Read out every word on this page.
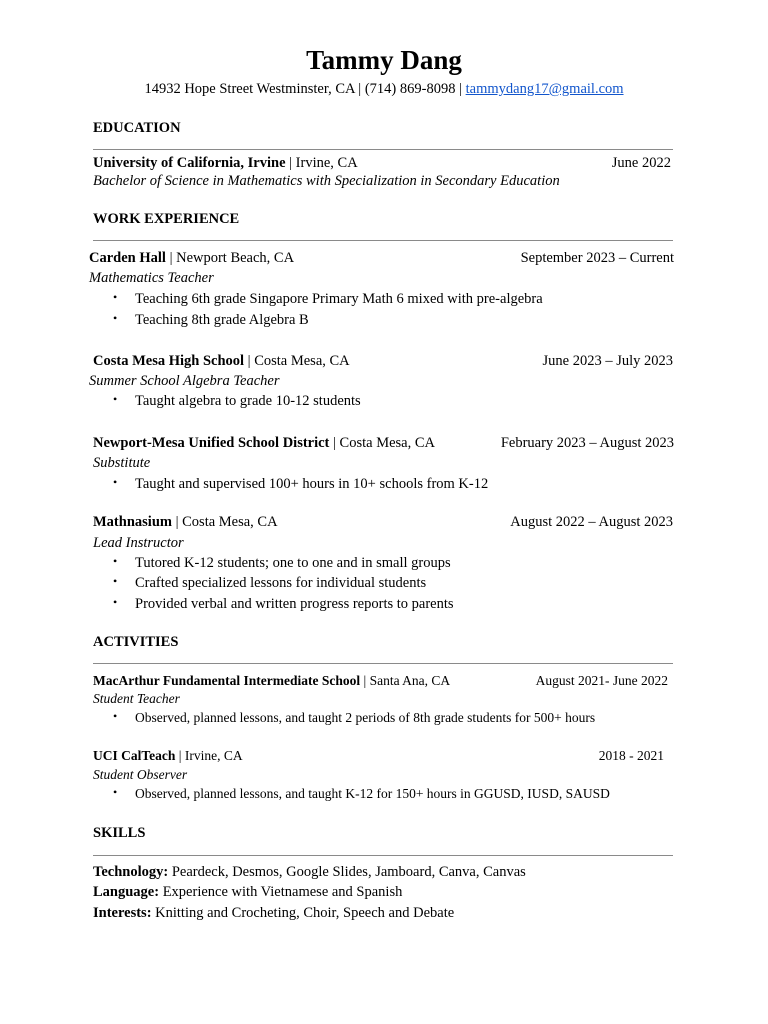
Tammy Dang
14932 Hope Street Westminster, CA | (714) 869-8098 | tammydang17@gmail.com
EDUCATION
University of California, Irvine | Irvine, CA	June 2022
Bachelor of Science in Mathematics with Specialization in Secondary Education
WORK EXPERIENCE
Carden Hall | Newport Beach, CA	September 2023 – Current
Mathematics Teacher
• Teaching 6th grade Singapore Primary Math 6 mixed with pre-algebra
• Teaching 8th grade Algebra B
Costa Mesa High School | Costa Mesa, CA	June 2023 – July 2023
Summer School Algebra Teacher
• Taught algebra to grade 10-12 students
Newport-Mesa Unified School District | Costa Mesa, CA	February 2023 – August 2023
Substitute
• Taught and supervised 100+ hours in 10+ schools from K-12
Mathnasium | Costa Mesa, CA	August 2022 – August 2023
Lead Instructor
• Tutored K-12 students; one to one and in small groups
• Crafted specialized lessons for individual students
• Provided verbal and written progress reports to parents
ACTIVITIES
MacArthur Fundamental Intermediate School | Santa Ana, CA	August 2021- June 2022
Student Teacher
• Observed, planned lessons, and taught 2 periods of 8th grade students for 500+ hours
UCI CalTeach | Irvine, CA	2018 - 2021
Student Observer
• Observed, planned lessons, and taught K-12 for 150+ hours in GGUSD, IUSD, SAUSD
SKILLS
Technology: Peardeck, Desmos, Google Slides, Jamboard, Canva, Canvas
Language: Experience with Vietnamese and Spanish
Interests: Knitting and Crocheting, Choir, Speech and Debate
